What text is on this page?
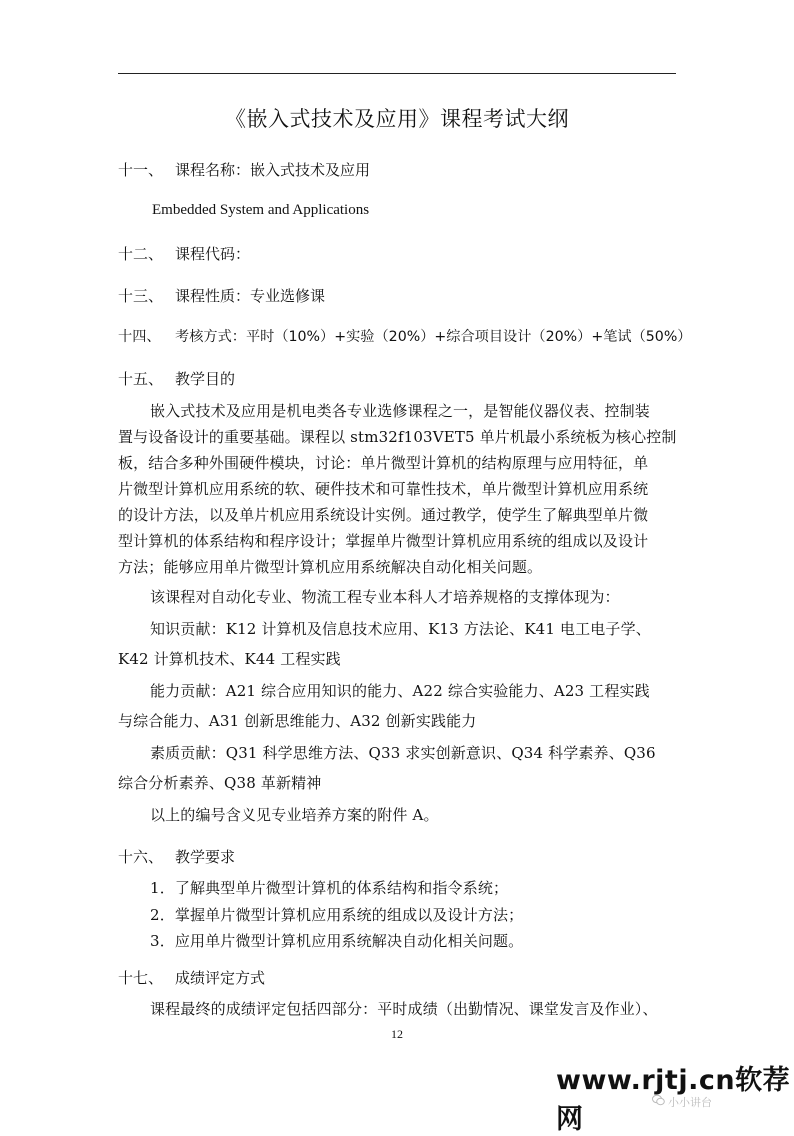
《嵌入式技术及应用》课程考试大纲
十一、 课程名称：嵌入式技术及应用
Embedded System and Applications
十二、 课程代码：
十三、 课程性质：专业选修课
十四、 考核方式：平时（10%）+实验（20%）+综合项目设计（20%）+笔试（50%）
十五、 教学目的
嵌入式技术及应用是机电类各专业选修课程之一，是智能仪器仪表、控制装
置与设备设计的重要基础。课程以 stm32f103VET5 单片机最小系统板为核心控制
板，结合多种外围硬件模块，讨论：单片微型计算机的结构原理与应用特征，单
片微型计算机应用系统的软、硬件技术和可靠性技术，单片微型计算机应用系统
的设计方法，以及单片机应用系统设计实例。通过教学，使学生了解典型单片微
型计算机的体系结构和程序设计；掌握单片微型计算机应用系统的组成以及设计
方法；能够应用单片微型计算机应用系统解决自动化相关问题。
该课程对自动化专业、物流工程专业本科人才培养规格的支撑体现为：
知识贡献：K12 计算机及信息技术应用、K13 方法论、K41 电工电子学、
K42 计算机技术、K44 工程实践
能力贡献：A21 综合应用知识的能力、A22 综合实验能力、A23 工程实践
与综合能力、A31 创新思维能力、A32 创新实践能力
素质贡献：Q31 科学思维方法、Q33 求实创新意识、Q34 科学素养、Q36
综合分析素养、Q38 革新精神
以上的编号含义见专业培养方案的附件 A。
十六、 教学要求
1．了解典型单片微型计算机的体系结构和指令系统；
2．掌握单片微型计算机应用系统的组成以及设计方法；
3．应用单片微型计算机应用系统解决自动化相关问题。
十七、 成绩评定方式
课程最终的成绩评定包括四部分：平时成绩（出勤情况、课堂发言及作业）、
12
www.rjtj.cn软荐网
小小讲台
